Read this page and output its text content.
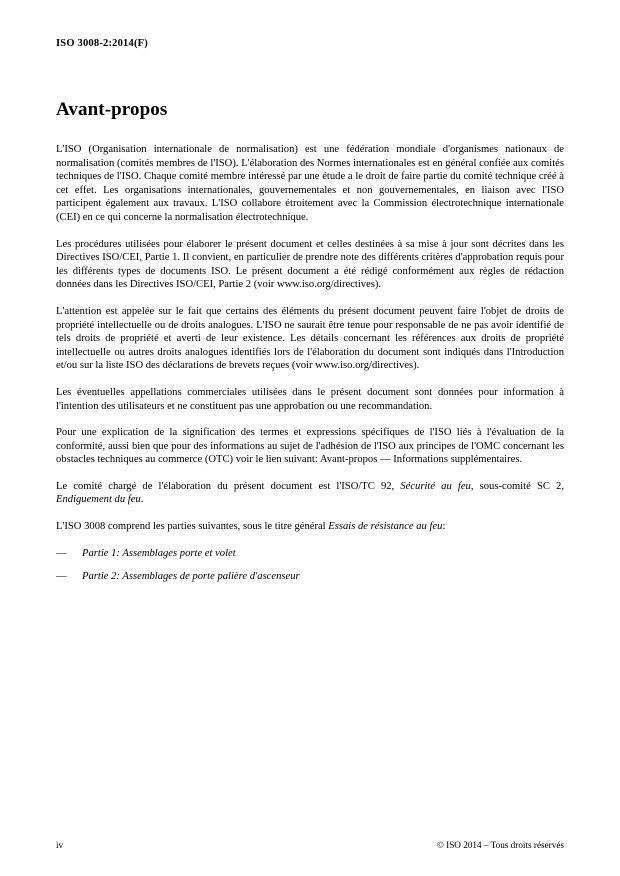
ISO 3008-2:2014(F)
Avant-propos

L'ISO (Organisation internationale de normalisation) est une fédération mondiale d'organismes nationaux de normalisation (comités membres de l'ISO). L'élaboration des Normes internationales est en général confiée aux comités techniques de l'ISO. Chaque comité membre intéressé par une étude a le droit de faire partie du comité technique créé à cet effet. Les organisations internationales, gouvernementales et non gouvernementales, en liaison avec l'ISO participent également aux travaux. L'ISO collabore étroitement avec la Commission électrotechnique internationale (CEI) en ce qui concerne la normalisation électrotechnique.

Les procédures utilisées pour élaborer le présent document et celles destinées à sa mise à jour sont décrites dans les Directives ISO/CEI, Partie 1. Il convient, en particulier de prendre note des différents critères d'approbation requis pour les différents types de documents ISO. Le présent document a été rédigé conformément aux règles de rédaction données dans les Directives ISO/CEI, Partie 2 (voir www.iso.org/directives).

L'attention est appelée sur le fait que certains des éléments du présent document peuvent faire l'objet de droits de propriété intellectuelle ou de droits analogues. L'ISO ne saurait être tenue pour responsable de ne pas avoir identifié de tels droits de propriété et averti de leur existence. Les détails concernant les références aux droits de propriété intellectuelle ou autres droits analogues identifiés lors de l'élaboration du document sont indiqués dans l'Introduction et/ou sur la liste ISO des déclarations de brevets reçues (voir www.iso.org/directives).

Les éventuelles appellations commerciales utilisées dans le présent document sont données pour information à l'intention des utilisateurs et ne constituent pas une approbation ou une recommandation.

Pour une explication de la signification des termes et expressions spécifiques de l'ISO liés à l'évaluation de la conformité, aussi bien que pour des informations au sujet de l'adhésion de l'ISO aux principes de l'OMC concernant les obstacles techniques au commerce (OTC) voir le lien suivant: Avant-propos — Informations supplémentaires.

Le comité chargé de l'élaboration du présent document est l'ISO/TC 92, Sécurité au feu, sous-comité SC 2, Endiguement du feu.

L'ISO 3008 comprend les parties suivantes, sous le titre général Essais de résistance au feu:

—	Partie 1: Assemblages porte et volet
—	Partie 2: Assemblages de porte palière d'ascenseur
iv	© ISO 2014 – Tous droits réservés
